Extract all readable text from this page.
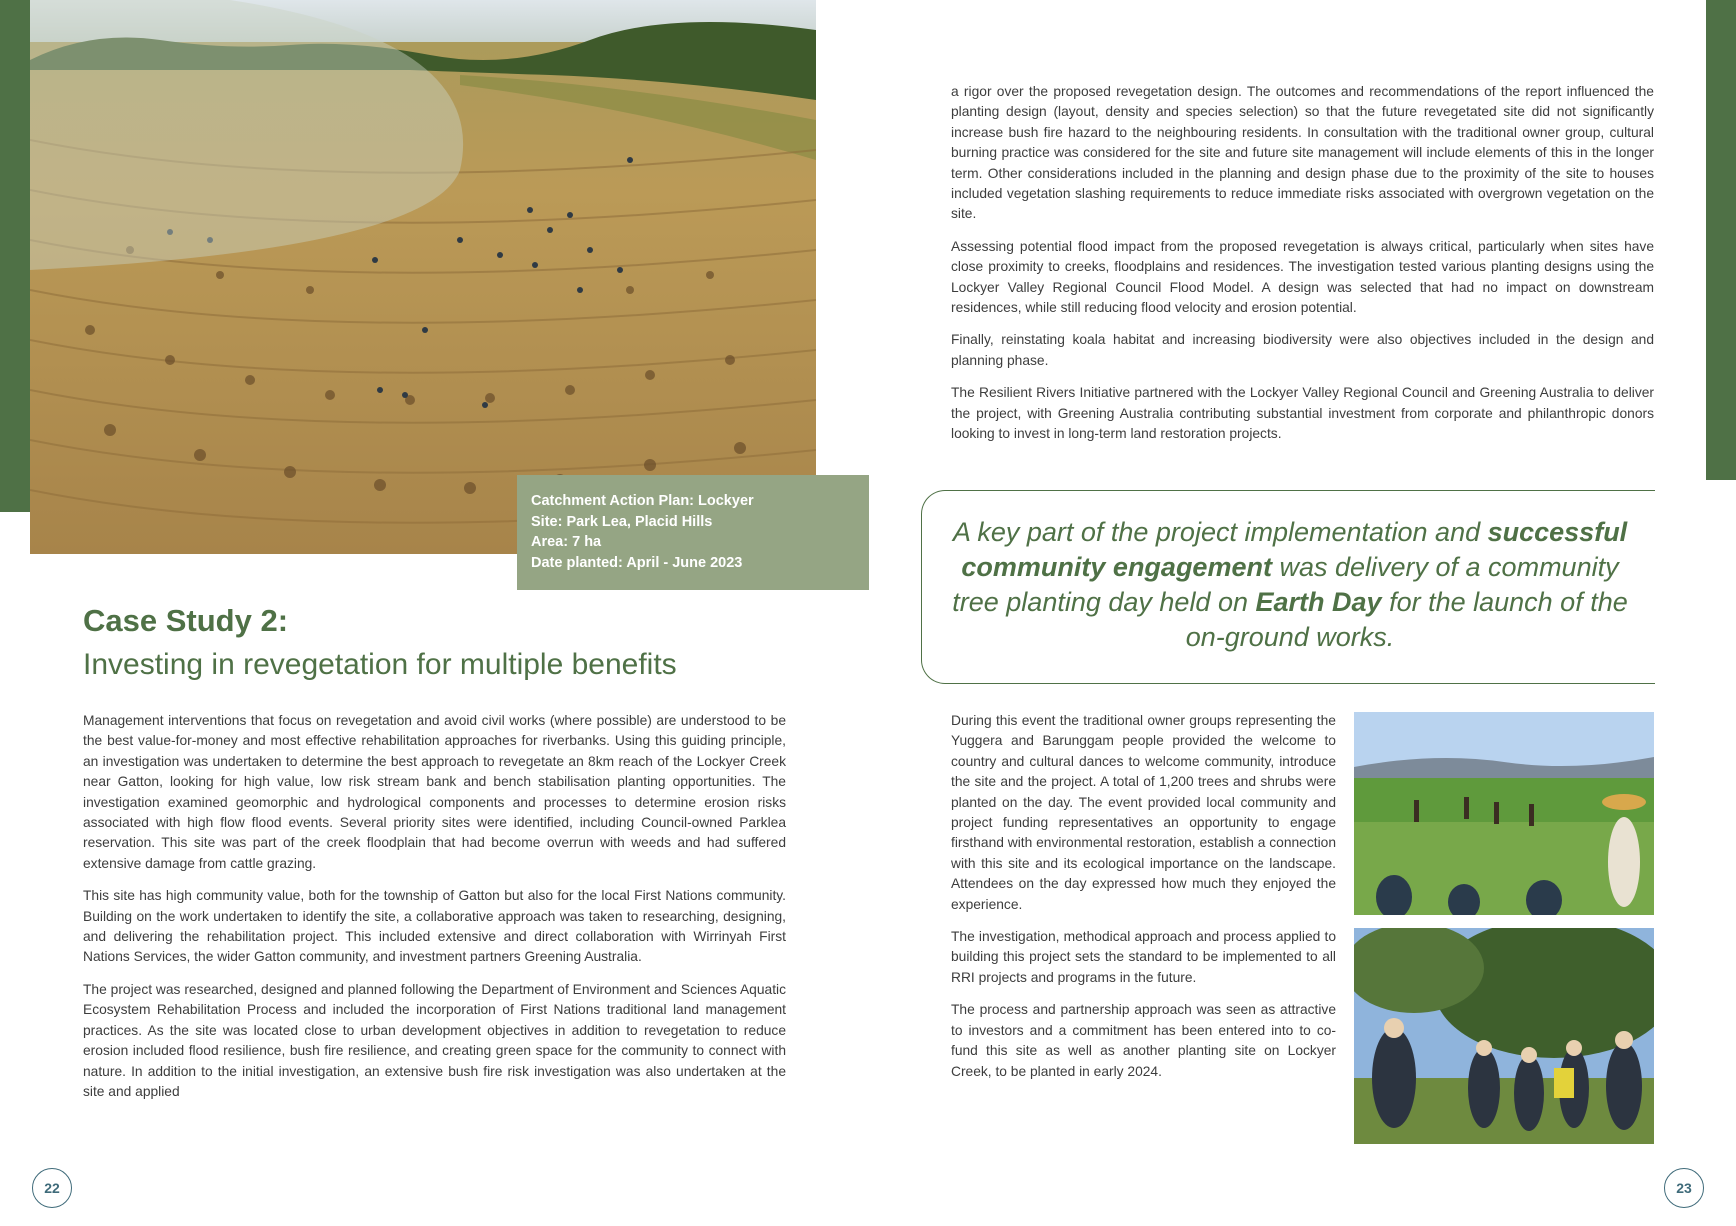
Catchment Action Plan: Lockyer
Site: Park Lea, Placid Hills
Area: 7 ha
Date planted: April - June 2023
Case Study 2:
Investing in revegetation for multiple benefits

Management interventions that focus on revegetation and avoid civil works (where possible) are understood to be the best value-for-money and most effective rehabilitation approaches for riverbanks. Using this guiding principle, an investigation was undertaken to determine the best approach to revegetate an 8km reach of the Lockyer Creek near Gatton, looking for high value, low risk stream bank and bench stabilisation planting opportunities. The investigation examined geomorphic and hydrological components and processes to determine erosion risks associated with high flow flood events. Several priority sites were identified, including Council-owned Parklea reservation. This site was part of the creek floodplain that had become overrun with weeds and had suffered extensive damage from cattle grazing.

This site has high community value, both for the township of Gatton but also for the local First Nations community. Building on the work undertaken to identify the site, a collaborative approach was taken to researching, designing, and delivering the rehabilitation project. This included extensive and direct collaboration with Wirrinyah First Nations Services, the wider Gatton community, and investment partners Greening Australia.

The project was researched, designed and planned following the Department of Environment and Sciences Aquatic Ecosystem Rehabilitation Process and included the incorporation of First Nations traditional land management practices. As the site was located close to urban development objectives in addition to revegetation to reduce erosion included flood resilience, bush fire resilience, and creating green space for the community to connect with nature. In addition to the initial investigation, an extensive bush fire risk investigation was also undertaken at the site and applied

a rigor over the proposed revegetation design. The outcomes and recommendations of the report influenced the planting design (layout, density and species selection) so that the future revegetated site did not significantly increase bush fire hazard to the neighbouring residents. In consultation with the traditional owner group, cultural burning practice was considered for the site and future site management will include elements of this in the longer term. Other considerations included in the planning and design phase due to the proximity of the site to houses included vegetation slashing requirements to reduce immediate risks associated with overgrown vegetation on the site.

Assessing potential flood impact from the proposed revegetation is always critical, particularly when sites have close proximity to creeks, floodplains and residences. The investigation tested various planting designs using the Lockyer Valley Regional Council Flood Model. A design was selected that had no impact on downstream residences, while still reducing flood velocity and erosion potential.

Finally, reinstating koala habitat and increasing biodiversity were also objectives included in the design and planning phase.

The Resilient Rivers Initiative partnered with the Lockyer Valley Regional Council and Greening Australia to deliver the project, with Greening Australia contributing substantial investment from corporate and philanthropic donors looking to invest in long-term land restoration projects.

A key part of the project implementation and successful community engagement was delivery of a community tree planting day held on Earth Day for the launch of the on-ground works.

During this event the traditional owner groups representing the Yuggera and Barunggam people provided the welcome to country and cultural dances to welcome community, introduce the site and the project. A total of 1,200 trees and shrubs were planted on the day. The event provided local community and project funding representatives an opportunity to engage firsthand with environmental restoration, establish a connection with this site and its ecological importance on the landscape. Attendees on the day expressed how much they enjoyed the experience.

The investigation, methodical approach and process applied to building this project sets the standard to be implemented to all RRI projects and programs in the future.

The process and partnership approach was seen as attractive to investors and a commitment has been entered into to co-fund this site as well as another planting site on Lockyer Creek, to be planted in early 2024.

22	23
